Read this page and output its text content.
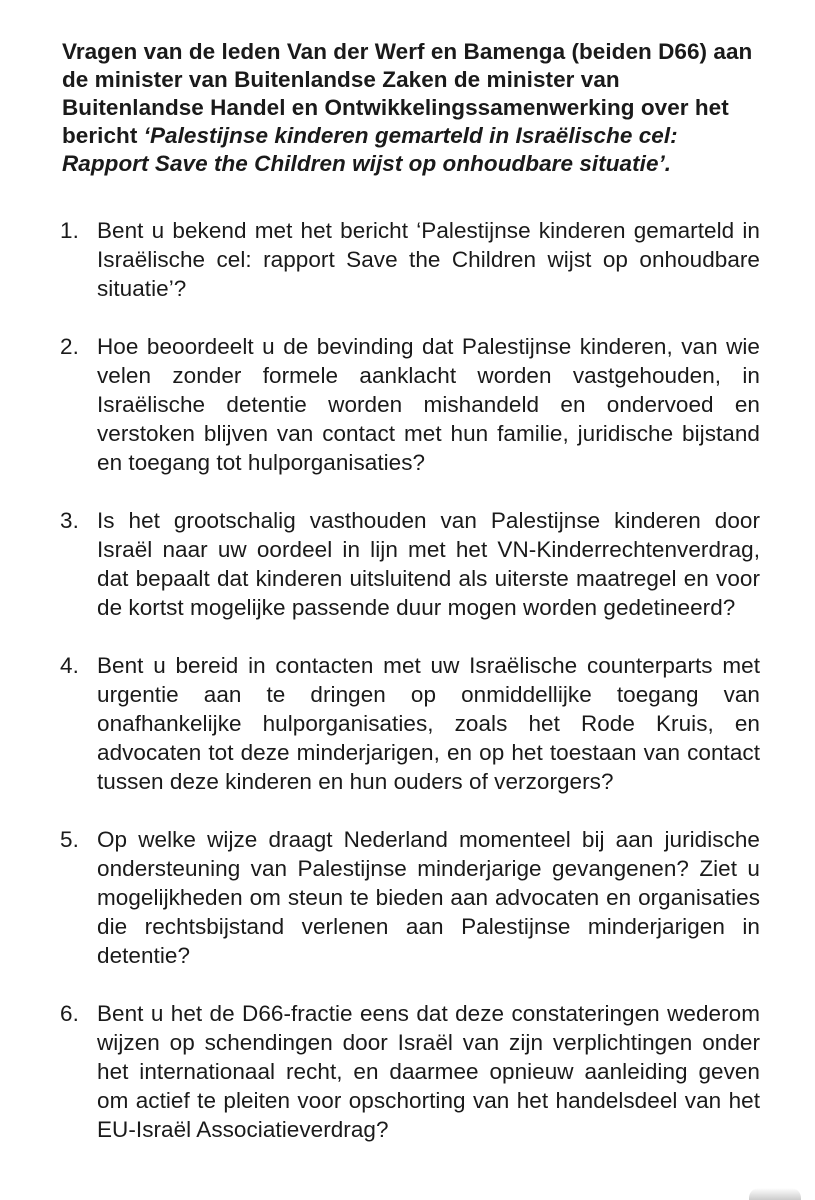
Vragen van de leden Van der Werf en Bamenga (beiden D66) aan de minister van Buitenlandse Zaken de minister van Buitenlandse Handel en Ontwikkelingssamenwerking over het bericht ‘Palestijnse kinderen gemarteld in Israëlische cel: Rapport Save the Children wijst op onhoudbare situatie’.
1. Bent u bekend met het bericht ‘Palestijnse kinderen gemarteld in Israëlische cel: rapport Save the Children wijst op onhoudbare situatie’?
2. Hoe beoordeelt u de bevinding dat Palestijnse kinderen, van wie velen zonder formele aanklacht worden vastgehouden, in Israëlische detentie worden mishandeld en ondervoed en verstoken blijven van contact met hun familie, juridische bijstand en toegang tot hulporganisaties?
3. Is het grootschalig vasthouden van Palestijnse kinderen door Israël naar uw oordeel in lijn met het VN-Kinderrechtenverdrag, dat bepaalt dat kinderen uitsluitend als uiterste maatregel en voor de kortst mogelijke passende duur mogen worden gedetineerd?
4. Bent u bereid in contacten met uw Israëlische counterparts met urgentie aan te dringen op onmiddellijke toegang van onafhankelijke hulporganisaties, zoals het Rode Kruis, en advocaten tot deze minderjarigen, en op het toestaan van contact tussen deze kinderen en hun ouders of verzorgers?
5. Op welke wijze draagt Nederland momenteel bij aan juridische ondersteuning van Palestijnse minderjarige gevangenen? Ziet u mogelijkheden om steun te bieden aan advocaten en organisaties die rechtsbijstand verlenen aan Palestijnse minderjarigen in detentie?
6. Bent u het de D66-fractie eens dat deze constateringen wederom wijzen op schendingen door Israël van zijn verplichtingen onder het internationaal recht, en daarmee opnieuw aanleiding geven om actief te pleiten voor opschorting van het handelsdeel van het EU-Israël Associatieverdrag?
